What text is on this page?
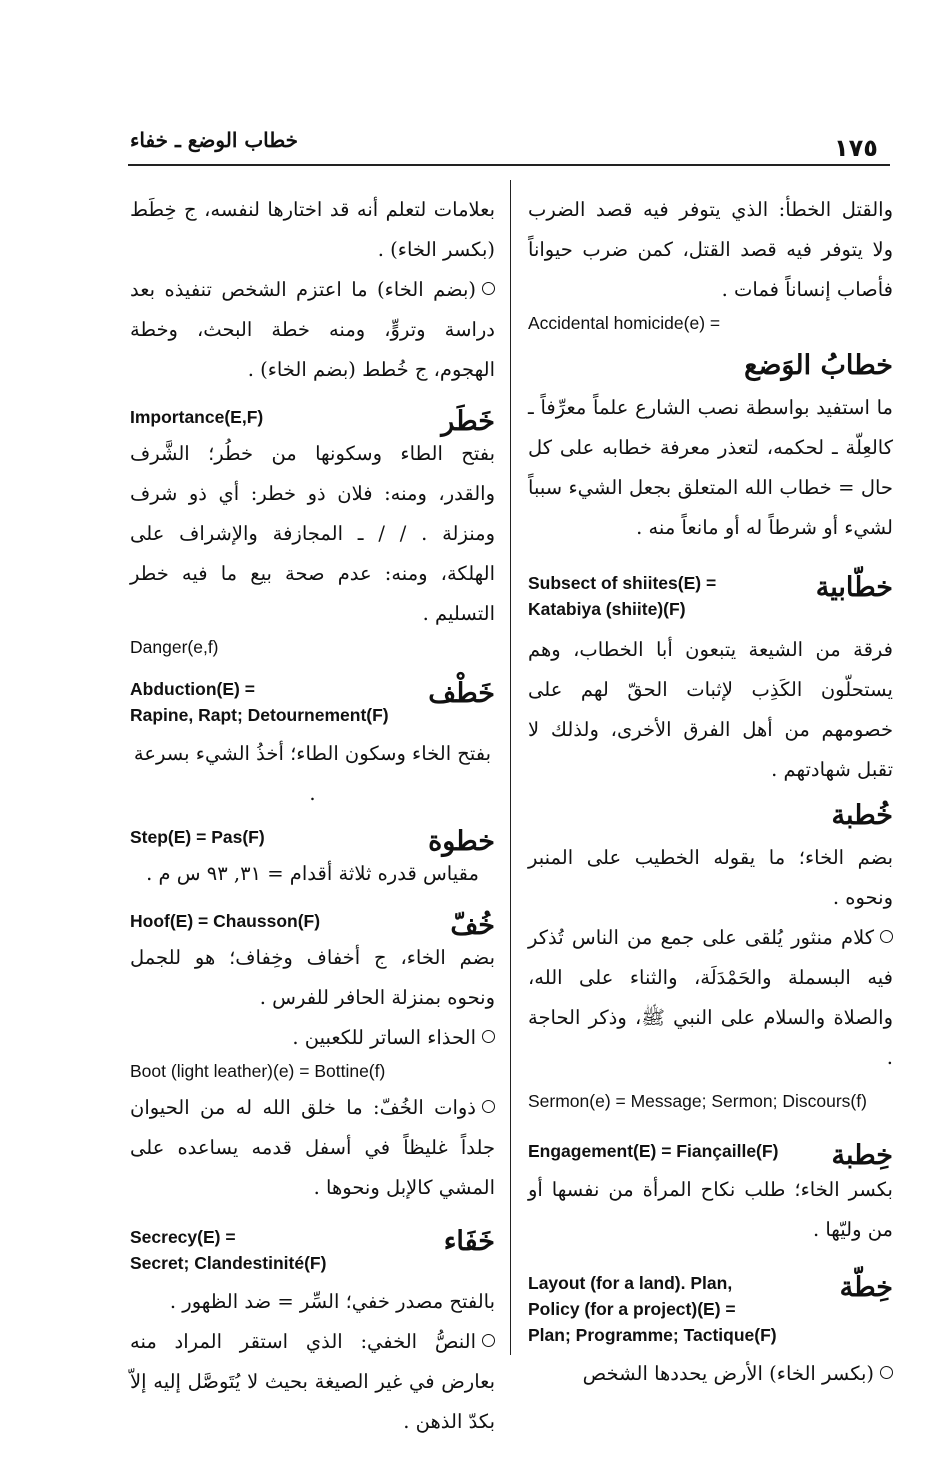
١٧٥
خطاب الوضع ـ خفاء

والقتل الخطأ: الذي يتوفر فيه قصد الضرب ولا يتوفر فيه قصد القتل، كمن ضرب حيواناً فأصاب إنساناً فمات .

Accidental homicide(e) =

خطابُ الوَضع

ما استفيد بواسطة نصب الشارع علماً معرِّفاً ـ كالعِلّة ـ لحكمه، لتعذر معرفة خطابه على كل حال = خطاب الله المتعلق بجعل الشيء سبباً لشيء أو شرطاً له أو مانعاً منه .

خطّابية

Subsect of shiites(E) =

Katabiya (shiite)(F)

فرقة من الشيعة يتبعون أبا الخطاب، وهم يستحلّون الكَذِب لإثبات الحقّ لهم على خصومهم من أهل الفرق الأخرى، ولذلك لا تقبل شهادتهم .

خُطبة

بضم الخاء؛ ما يقوله الخطيب على المنبر ونحوه .

كلام منثور يُلقى على جمع من الناس تُذكر فيه البسملة والحَمْدَلَة، والثناء على الله، والصلاة والسلام على النبي ﷺ، وذكر الحاجة .

Sermon(e) = Message; Sermon; Discours(f)

خِطبة

Engagement(E) = Fiançaille(F)

بكسر الخاء؛ طلب نكاح المرأة من نفسها أو من وليّها .

خِطّة

Layout (for a land). Plan,

Policy (for a project)(E) =

Plan; Programme; Tactique(F)

(بكسر الخاء) الأرض يحددها الشخص

بعلامات لتعلم أنه قد اختارها لنفسه، ج خِطَط (بكسر الخاء) .

(بضم الخاء) ما اعتزم الشخص تنفيذه بعد دراسة وتروٍّ، ومنه خطة البحث، وخطة الهجوم، ج خُطط (بضم الخاء) .

خَطَر

Importance(E,F)

بفتح الطاء وسكونها من خطُر؛ الشَّرف والقدر، ومنه: فلان ذو خطر: أي ذو شرف ومنزلة . / / ـ المجازفة والإشراف على الهلكة، ومنه: عدم صحة بيع ما فيه خطر التسليم .

Danger(e,f)

خَطْف

Abduction(E) =

Rapine, Rapt; Detournement(F)

بفتح الخاء وسكون الطاء؛ أخذُ الشيء بسرعة .

خطوة

Step(E) = Pas(F)

مقياس قدره ثلاثة أقدام = ٣١, ٩٣ س م .

خُفّ

Hoof(E) = Chausson(F)

بضم الخاء، ج أخفاف وخِفاف؛ هو للجمل ونحوه بمنزلة الحافر للفرس .

الحذاء الساتر للكعبين .

Boot (light leather)(e) = Bottine(f)

ذوات الخُفّ: ما خلق الله له من الحيوان جلداً غليظاً في أسفل قدمه يساعده على المشي كالإبل ونحوها .

خَفَاء

Secrecy(E) =

Secret; Clandestinité(F)

بالفتح مصدر خفي؛ السِّر = ضد الظهور .

النصُّ الخفي: الذي استقر المراد منه بعارض في غير الصيغة بحيث لا يُتَوصَّل إليه إلاّ بكدّ الذهن .
